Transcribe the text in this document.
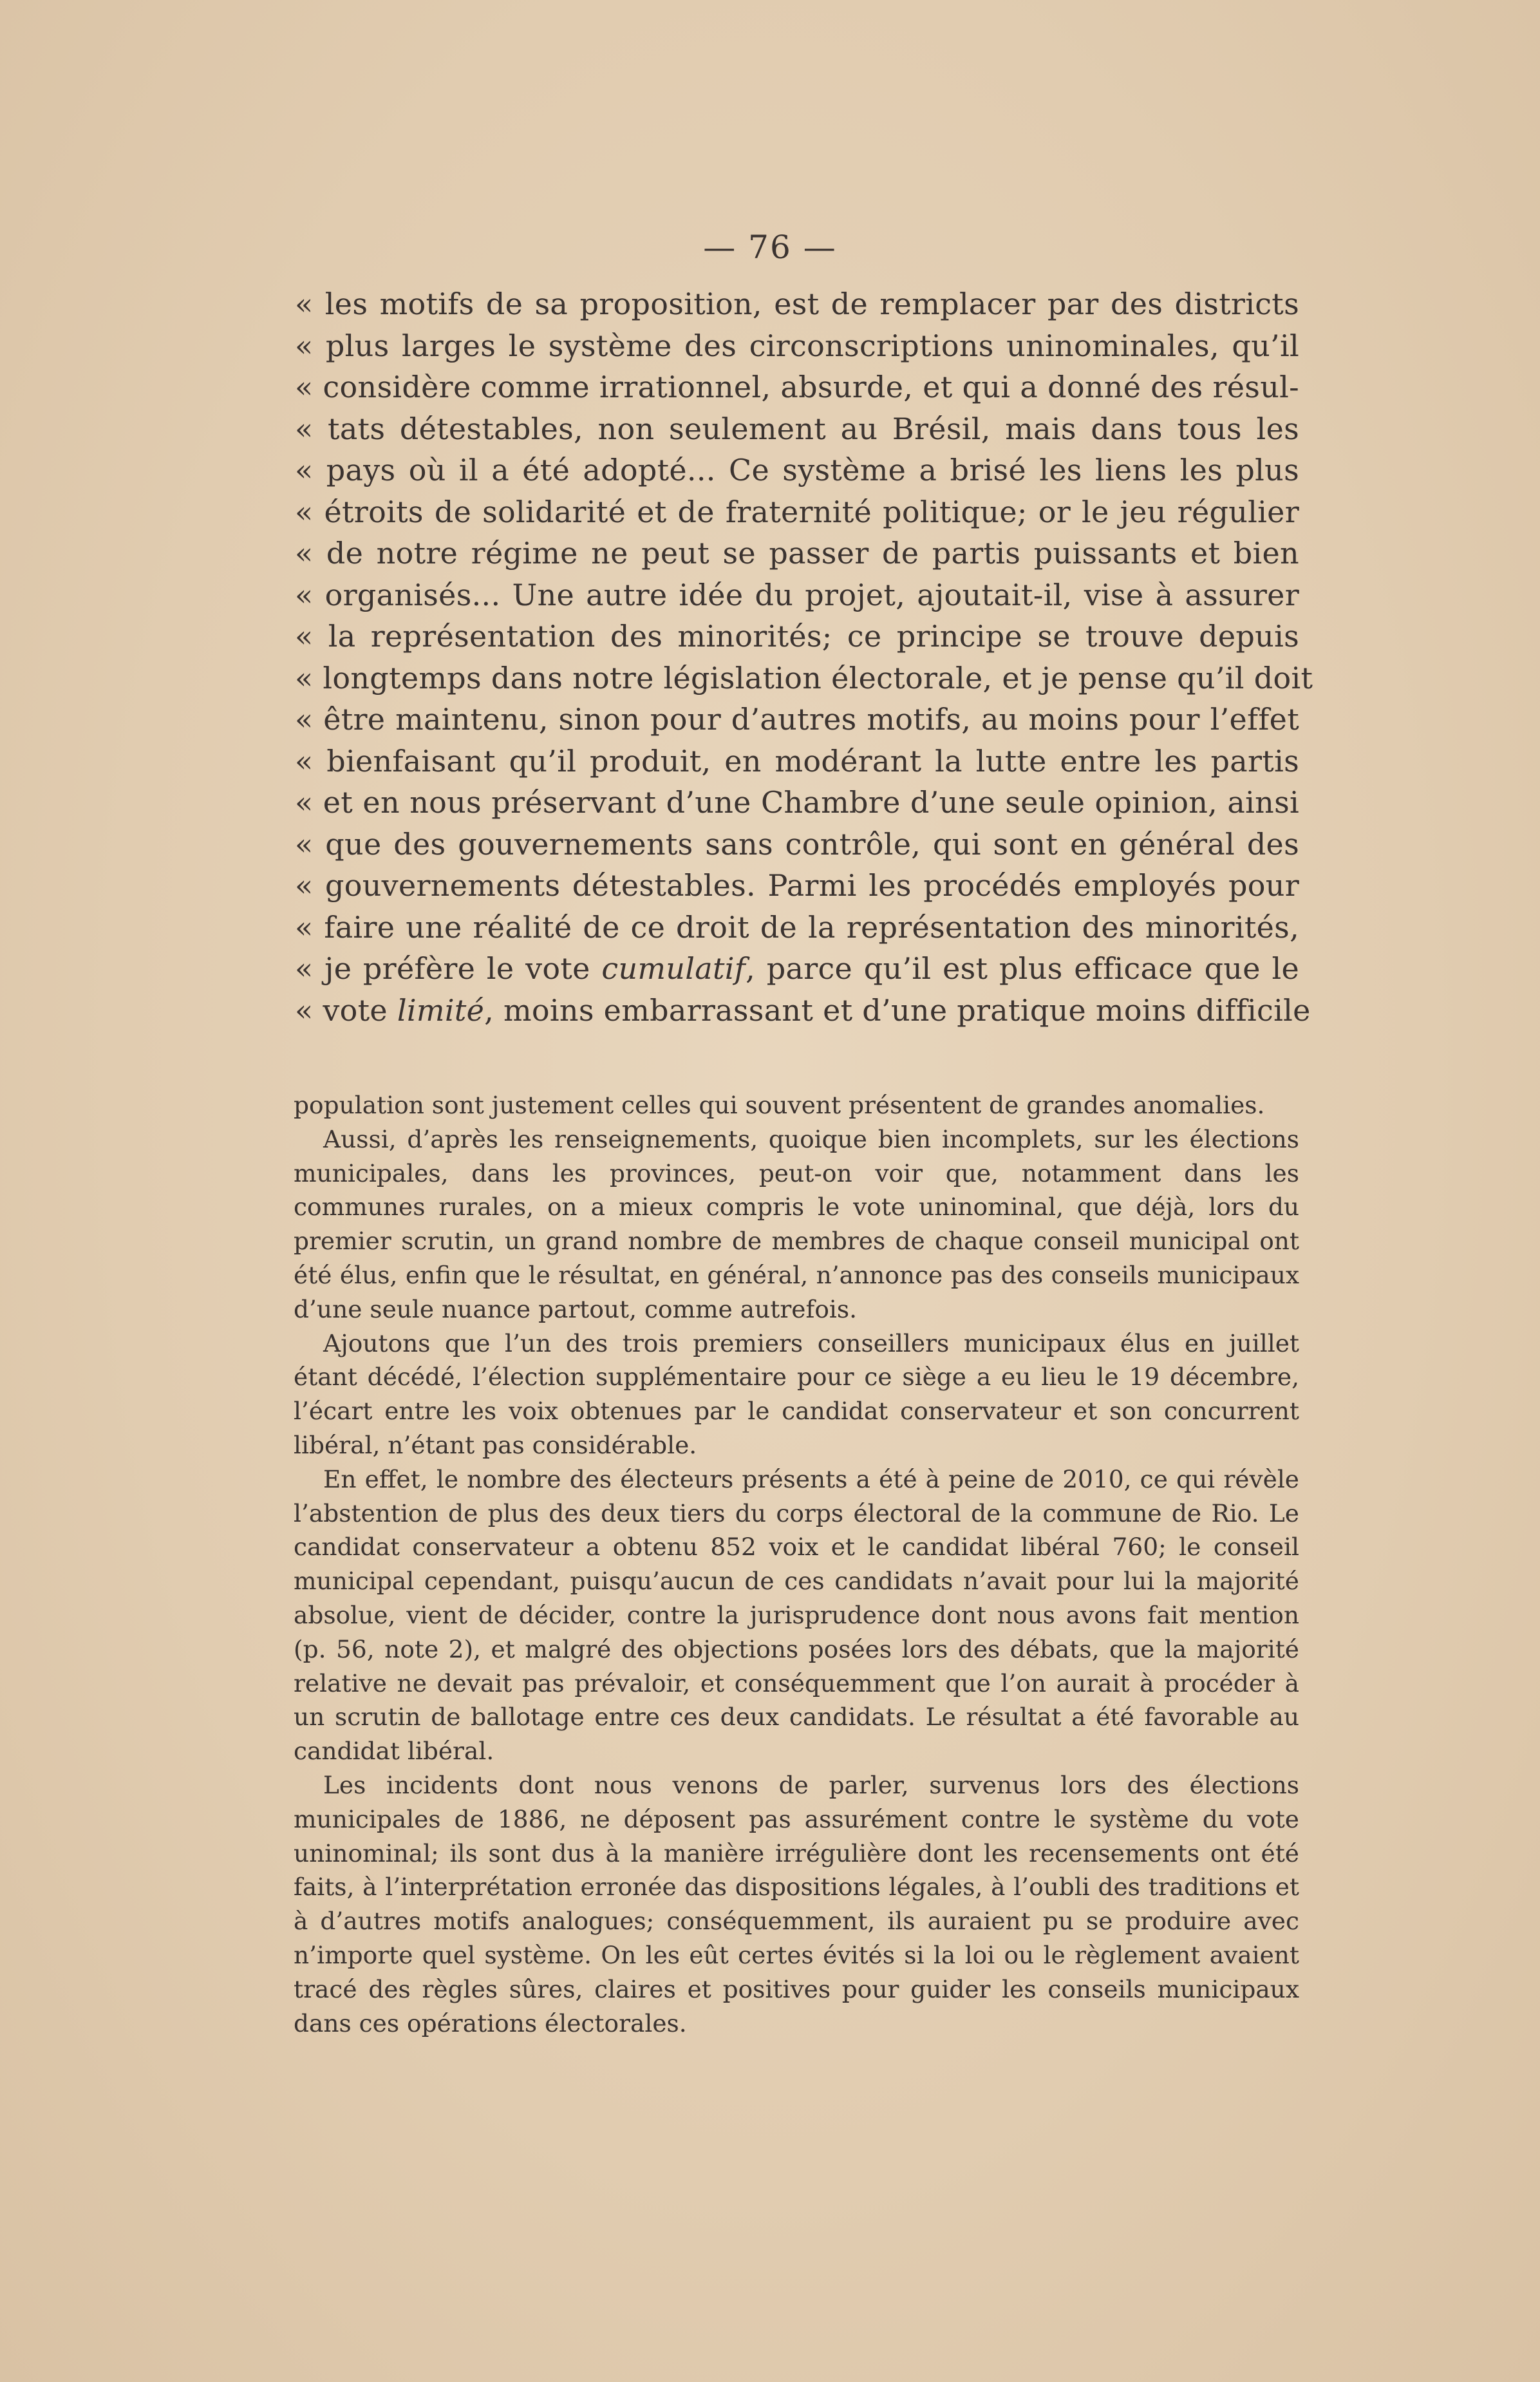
— 76 —
« les motifs de sa proposition, est de remplacer par des districts
« plus larges le système des circonscriptions uninominales, qu’il
« considère comme irrationnel, absurde, et qui a donné des résul-
« tats détestables, non seulement au Brésil, mais dans tous les
« pays où il a été adopté... Ce système a brisé les liens les plus
« étroits de solidarité et de fraternité politique; or le jeu régulier
« de notre régime ne peut se passer de partis puissants et bien
« organisés... Une autre idée du projet, ajoutait-il, vise à assurer
« la représentation des minorités; ce principe se trouve depuis
« longtemps dans notre législation électorale, et je pense qu’il doit
« être maintenu, sinon pour d’autres motifs, au moins pour l’effet
« bienfaisant qu’il produit, en modérant la lutte entre les partis
« et en nous préservant d’une Chambre d’une seule opinion, ainsi
« que des gouvernements sans contrôle, qui sont en général des
« gouvernements détestables. Parmi les procédés employés pour
« faire une réalité de ce droit de la représentation des minorités,
« je préfère le vote cumulatif, parce qu’il est plus efficace que le
« vote limité, moins embarrassant et d’une pratique moins difficile

population sont justement celles qui souvent présentent de grandes anomalies.

Aussi, d’après les renseignements, quoique bien incomplets, sur les élections municipales, dans les provinces, peut-on voir que, notamment dans les communes rurales, on a mieux compris le vote uninominal, que déjà, lors du premier scrutin, un grand nombre de membres de chaque conseil municipal ont été élus, enfin que le résultat, en général, n’annonce pas des conseils municipaux d’une seule nuance partout, comme autrefois.

Ajoutons que l’un des trois premiers conseillers municipaux élus en juillet étant décédé, l’élection supplémentaire pour ce siège a eu lieu le 19 décembre, l’écart entre les voix obtenues par le candidat conservateur et son concurrent libéral, n’étant pas considérable.

En effet, le nombre des électeurs présents a été à peine de 2010, ce qui révèle l’abstention de plus des deux tiers du corps électoral de la commune de Rio. Le candidat conservateur a obtenu 852 voix et le candidat libéral 760; le conseil municipal cependant, puisqu’aucun de ces candidats n’avait pour lui la majorité absolue, vient de décider, contre la jurisprudence dont nous avons fait mention (p. 56, note 2), et malgré des objections posées lors des débats, que la majorité relative ne devait pas prévaloir, et conséquemment que l’on aurait à procéder à un scrutin de ballotage entre ces deux candidats. Le résultat a été favorable au candidat libéral.

Les incidents dont nous venons de parler, survenus lors des élections municipales de 1886, ne déposent pas assurément contre le système du vote uninominal; ils sont dus à la manière irrégulière dont les recensements ont été faits, à l’interprétation erronée das dispositions légales, à l’oubli des traditions et à d’autres motifs analogues; conséquemment, ils auraient pu se produire avec n’importe quel système. On les eût certes évités si la loi ou le règlement avaient tracé des règles sûres, claires et positives pour guider les conseils municipaux dans ces opérations électorales.
